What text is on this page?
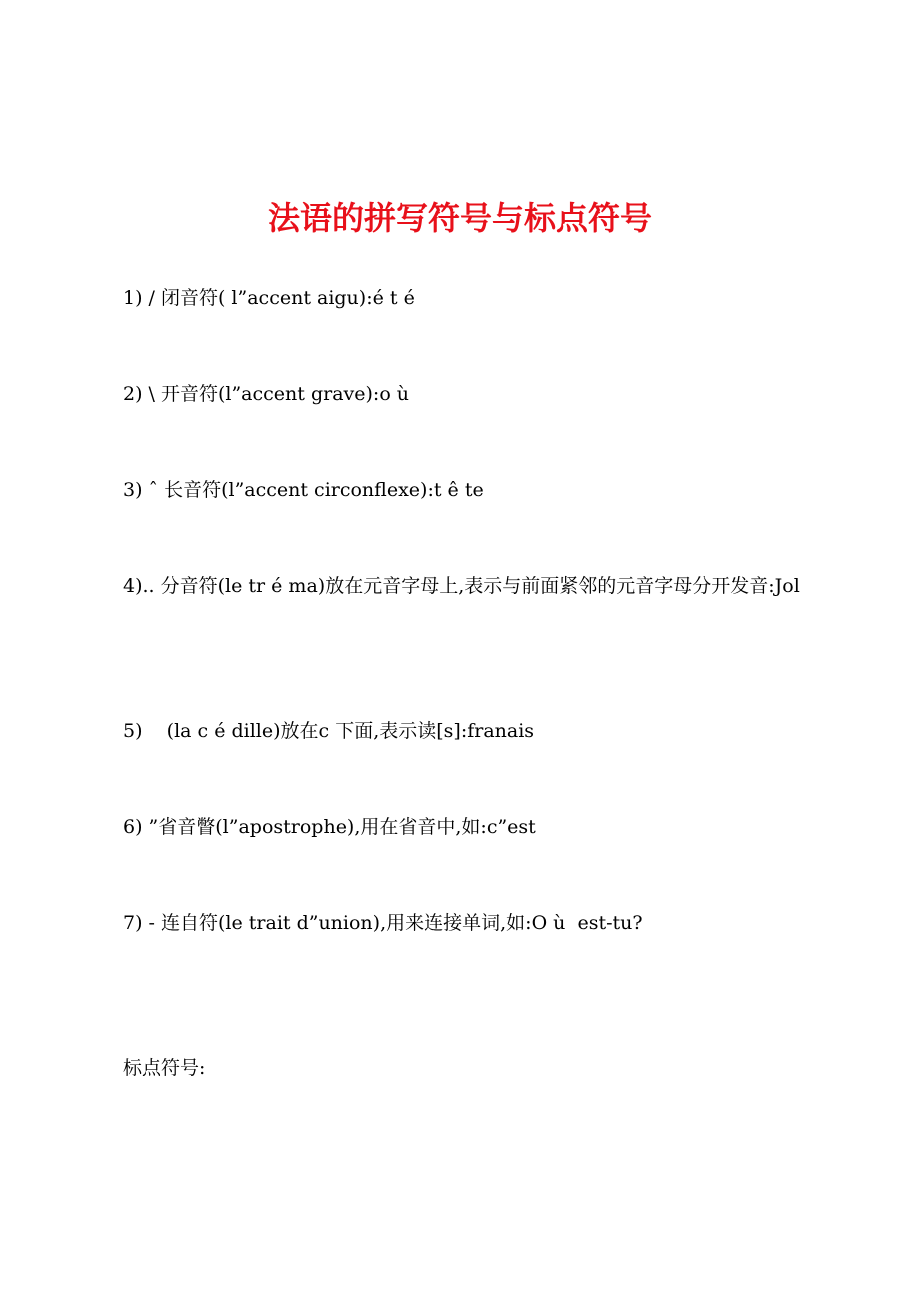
法语的拼写符号与标点符号
1) / 闭音符( l”accent aigu):é t é
2) \ 开音符(l”accent grave):o ù
3) ˆ 长音符(l”accent circonflexe):t ê te
4).. 分音符(le tr é ma)放在元音字母上,表示与前面紧邻的元音字母分开发音:Jol
5)    (la c é dille)放在c 下面,表示读[s]:franais
6) ”省音瞥(l”apostrophe),用在省音中,如:c”est
7) - 连自符(le trait d”union),用来连接单词,如:O ù  est-tu?
标点符号:
